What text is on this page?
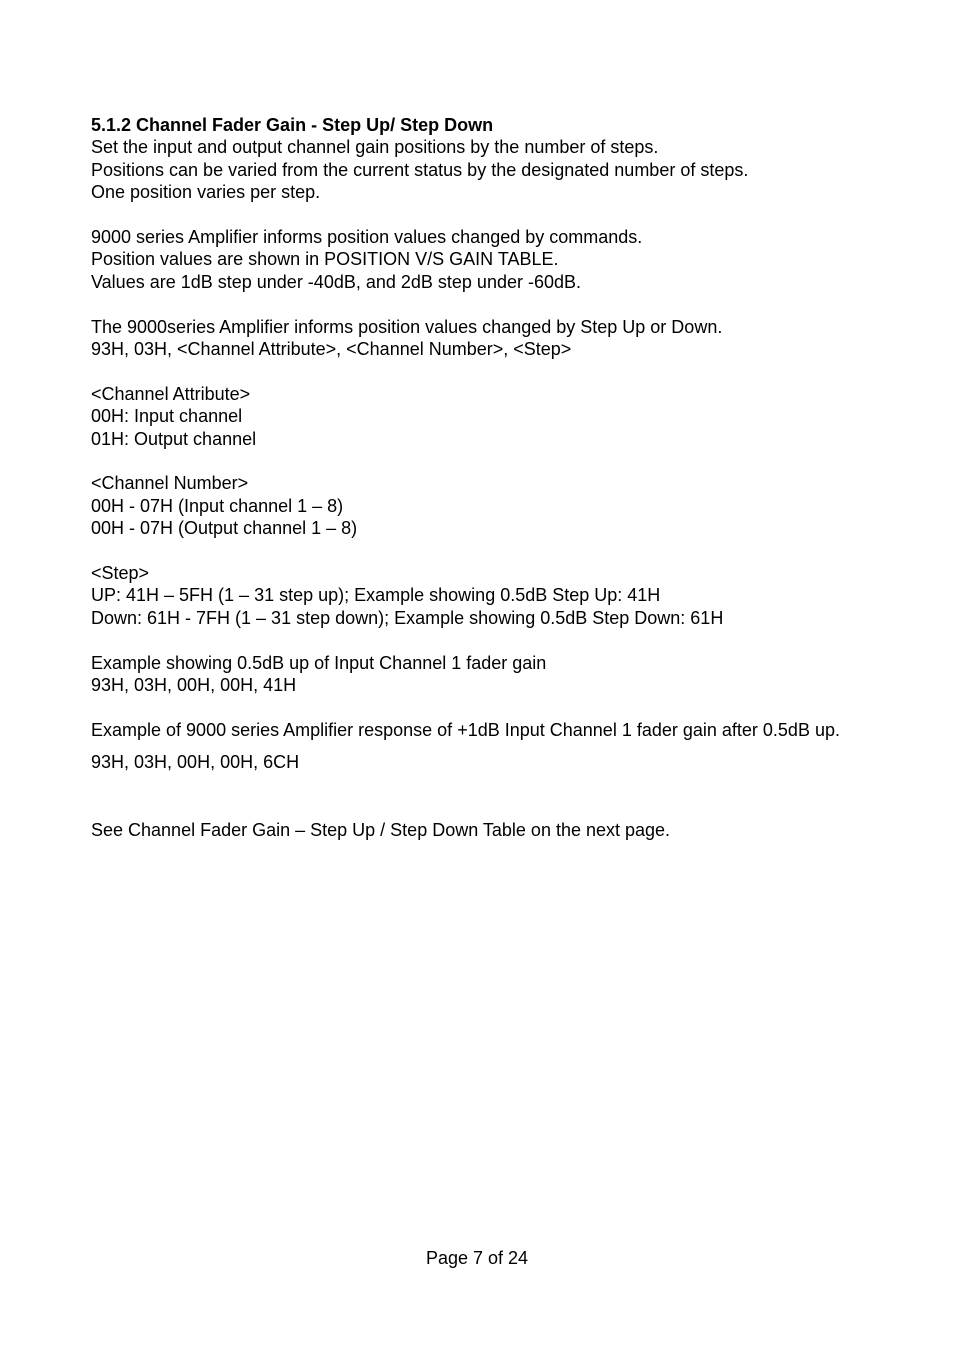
5.1.2 Channel Fader Gain - Step Up/ Step Down
Set the input and output channel gain positions by the number of steps.
Positions can be varied from the current status by the designated number of steps.
One position varies per step.
9000 series Amplifier informs position values changed by commands.
Position values are shown in POSITION V/S GAIN TABLE.
Values are 1dB step under -40dB, and 2dB step under -60dB.
The 9000series Amplifier informs position values changed by Step Up or Down.
93H, 03H, <Channel Attribute>, <Channel Number>, <Step>
<Channel Attribute>
00H: Input channel
01H: Output channel
<Channel Number>
00H - 07H (Input channel 1 – 8)
00H - 07H (Output channel 1 – 8)
<Step>
UP: 41H – 5FH (1 – 31 step up); Example showing 0.5dB Step Up: 41H
Down: 61H - 7FH (1 – 31 step down); Example showing 0.5dB Step Down: 61H
Example showing 0.5dB up of Input Channel 1 fader gain
93H, 03H, 00H, 00H, 41H
Example of 9000 series Amplifier response of +1dB Input Channel 1 fader gain after 0.5dB up.
93H, 03H, 00H, 00H, 6CH
See Channel Fader Gain – Step Up / Step Down Table on the next page.
Page 7 of 24
